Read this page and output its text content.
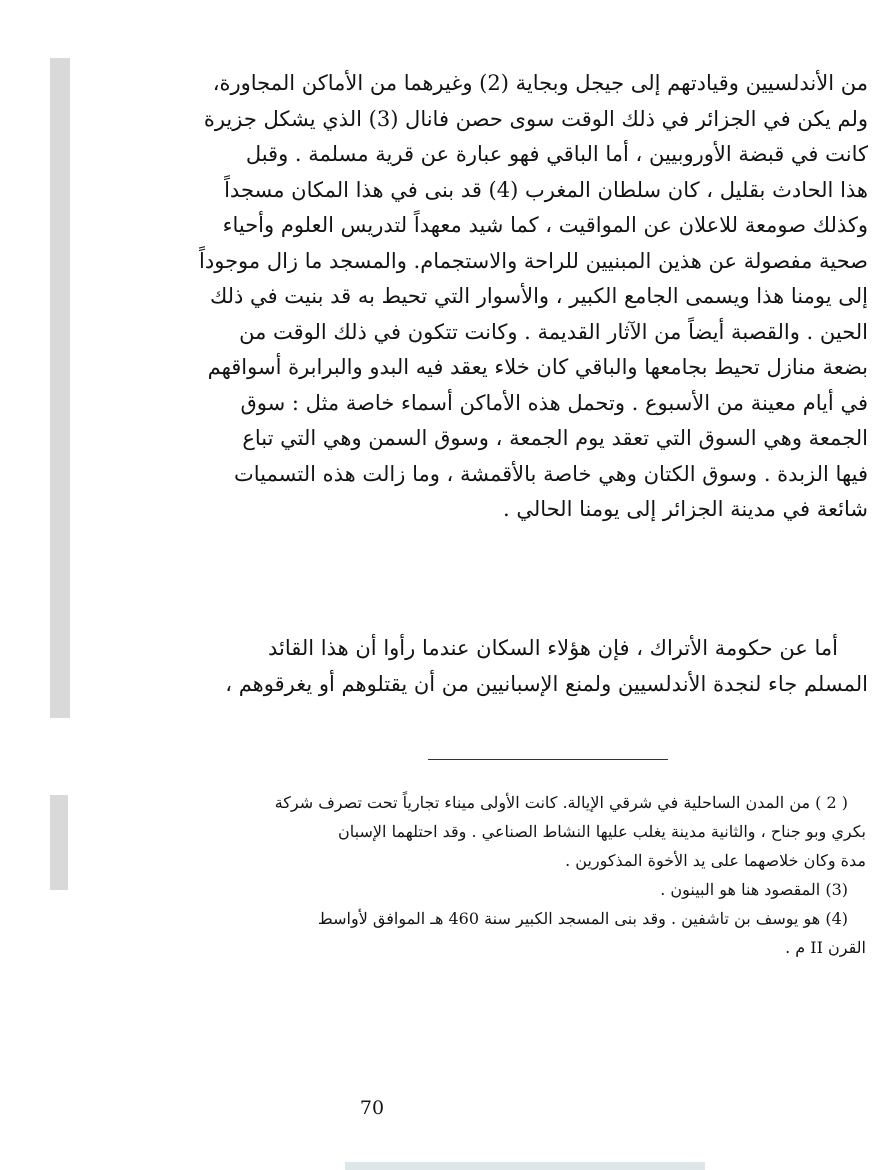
من الأندلسيين وقيادتهم إلى جيجل وبجاية (2) وغيرهما من الأماكن المجاورة،
ولم يكن في الجزائر في ذلك الوقت سوى حصن فانال (3) الذي يشكل جزيرة
كانت في قبضة الأوروبيين ، أما الباقي فهو عبارة عن قرية مسلمة . وقبل
هذا الحادث بقليل ، كان سلطان المغرب (4) قد بنى في هذا المكان مسجداً
وكذلك صومعة للاعلان عن المواقيت ، كما شيد معهداً لتدريس العلوم وأحياء
صحية مفصولة عن هذين المبنيين للراحة والاستجمام. والمسجد ما زال موجوداً
إلى يومنا هذا ويسمى الجامع الكبير ، والأسوار التي تحيط به قد بنيت في ذلك
الحين . والقصبة أيضاً من الآثار القديمة . وكانت تتكون في ذلك الوقت من
بضعة منازل تحيط بجامعها والباقي كان خلاء يعقد فيه البدو والبرابرة أسواقهم
في أيام معينة من الأسبوع . وتحمل هذه الأماكن أسماء خاصة مثل : سوق
الجمعة وهي السوق التي تعقد يوم الجمعة ، وسوق السمن وهي التي تباع
فيها الزبدة . وسوق الكتان وهي خاصة بالأقمشة ، وما زالت هذه التسميات
شائعة في مدينة الجزائر إلى يومنا الحالي .
أما عن حكومة الأتراك ، فإن هؤلاء السكان عندما رأوا أن هذا القائد
المسلم جاء لنجدة الأندلسيين ولمنع الإسبانيين من أن يقتلوهم أو يغرقوهم ،
( 2 ) من المدن الساحلية في شرقي الإيالة. كانت الأولى ميناء تجارياً تحت تصرف شركة
بكري وبو جناح ، والثانية مدينة يغلب عليها النشاط الصناعي . وقد احتلهما الإسبان
مدة وكان خلاصهما على يد الأخوة المذكورين .
(3) المقصود هنا هو البينون .
(4) هو يوسف بن تاشفين . وقد بنى المسجد الكبير سنة 460 هـ الموافق لأواسط
القرن II م .
70
